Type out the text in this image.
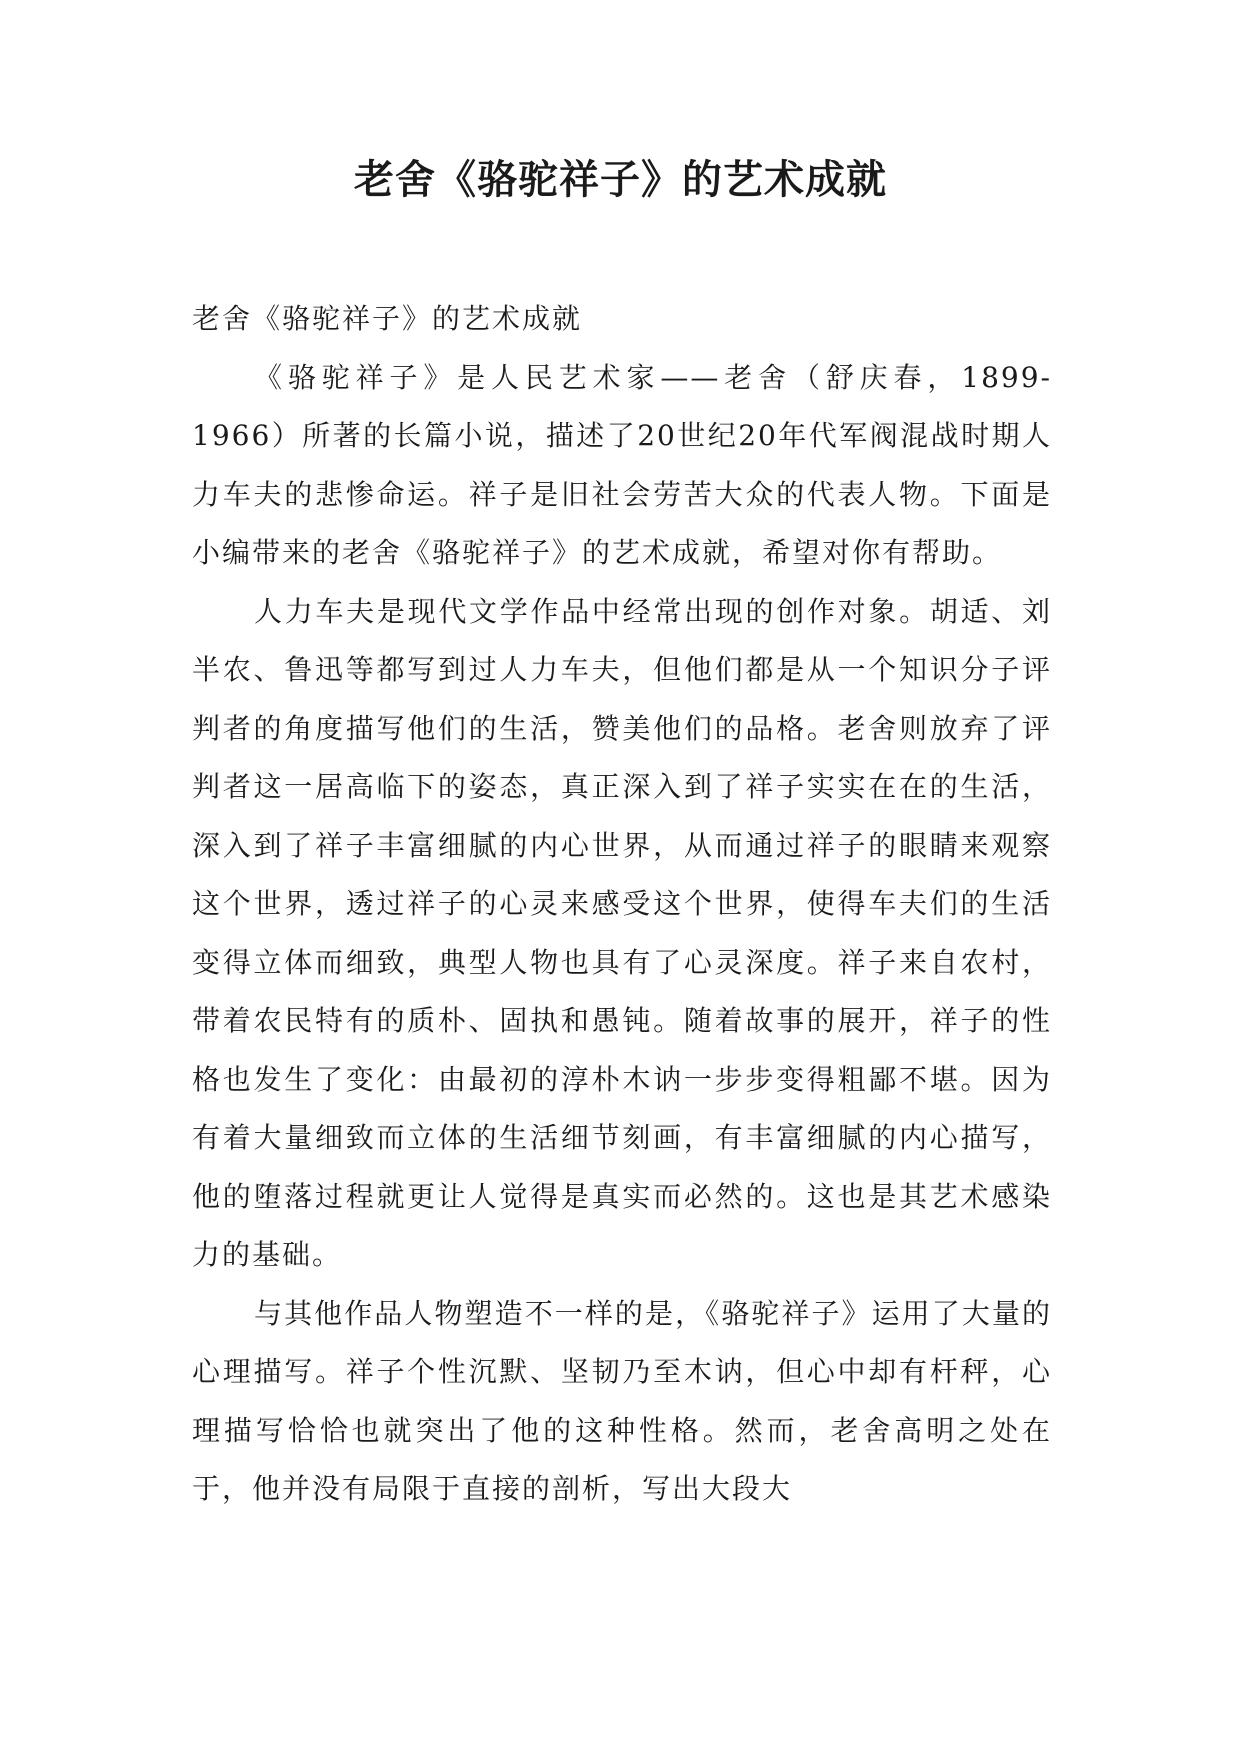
老舍《骆驼祥子》的艺术成就

老舍《骆驼祥子》的艺术成就

《骆驼祥子》是人民艺术家——老舍（舒庆春，1899-1966）所著的长篇小说，描述了20世纪20年代军阀混战时期人力车夫的悲惨命运。祥子是旧社会劳苦大众的代表人物。下面是小编带来的老舍《骆驼祥子》的艺术成就，希望对你有帮助。

人力车夫是现代文学作品中经常出现的创作对象。胡适、刘半农、鲁迅等都写到过人力车夫，但他们都是从一个知识分子评判者的角度描写他们的生活，赞美他们的品格。老舍则放弃了评判者这一居高临下的姿态，真正深入到了祥子实实在在的生活，深入到了祥子丰富细腻的内心世界，从而通过祥子的眼睛来观察这个世界，透过祥子的心灵来感受这个世界，使得车夫们的生活变得立体而细致，典型人物也具有了心灵深度。祥子来自农村，带着农民特有的质朴、固执和愚钝。随着故事的展开，祥子的性格也发生了变化：由最初的淳朴木讷一步步变得粗鄙不堪。因为有着大量细致而立体的生活细节刻画，有丰富细腻的内心描写，他的堕落过程就更让人觉得是真实而必然的。这也是其艺术感染力的基础。

与其他作品人物塑造不一样的是，《骆驼祥子》运用了大量的心理描写。祥子个性沉默、坚韧乃至木讷，但心中却有杆秤，心理描写恰恰也就突出了他的这种性格。然而，老舍高明之处在于，他并没有局限于直接的剖析，写出大段大
